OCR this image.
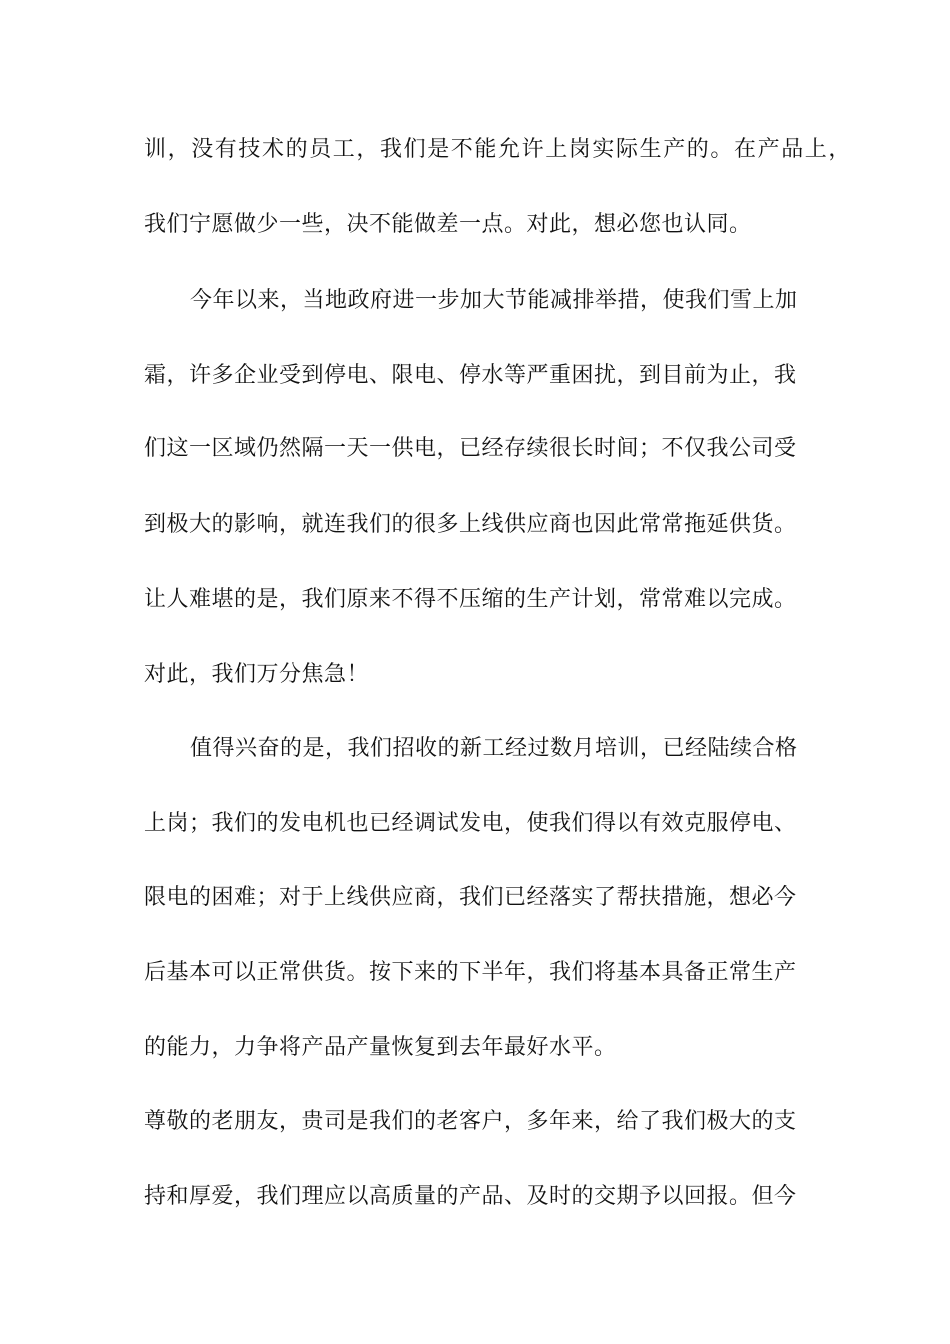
训，没有技术的员工，我们是不能允许上岗实际生产的。在产品上，
我们宁愿做少一些，决不能做差一点。对此，想必您也认同。
今年以来，当地政府进一步加大节能减排举措，使我们雪上加
霜，许多企业受到停电、限电、停水等严重困扰，到目前为止，我
们这一区域仍然隔一天一供电，已经存续很长时间；不仅我公司受
到极大的影响，就连我们的很多上线供应商也因此常常拖延供货。
让人难堪的是，我们原来不得不压缩的生产计划，常常难以完成。
对此，我们万分焦急！
值得兴奋的是，我们招收的新工经过数月培训，已经陆续合格
上岗；我们的发电机也已经调试发电，使我们得以有效克服停电、
限电的困难；对于上线供应商，我们已经落实了帮扶措施，想必今
后基本可以正常供货。按下来的下半年，我们将基本具备正常生产
的能力，力争将产品产量恢复到去年最好水平。
尊敬的老朋友，贵司是我们的老客户，多年来，给了我们极大的支
持和厚爱，我们理应以高质量的产品、及时的交期予以回报。但今
